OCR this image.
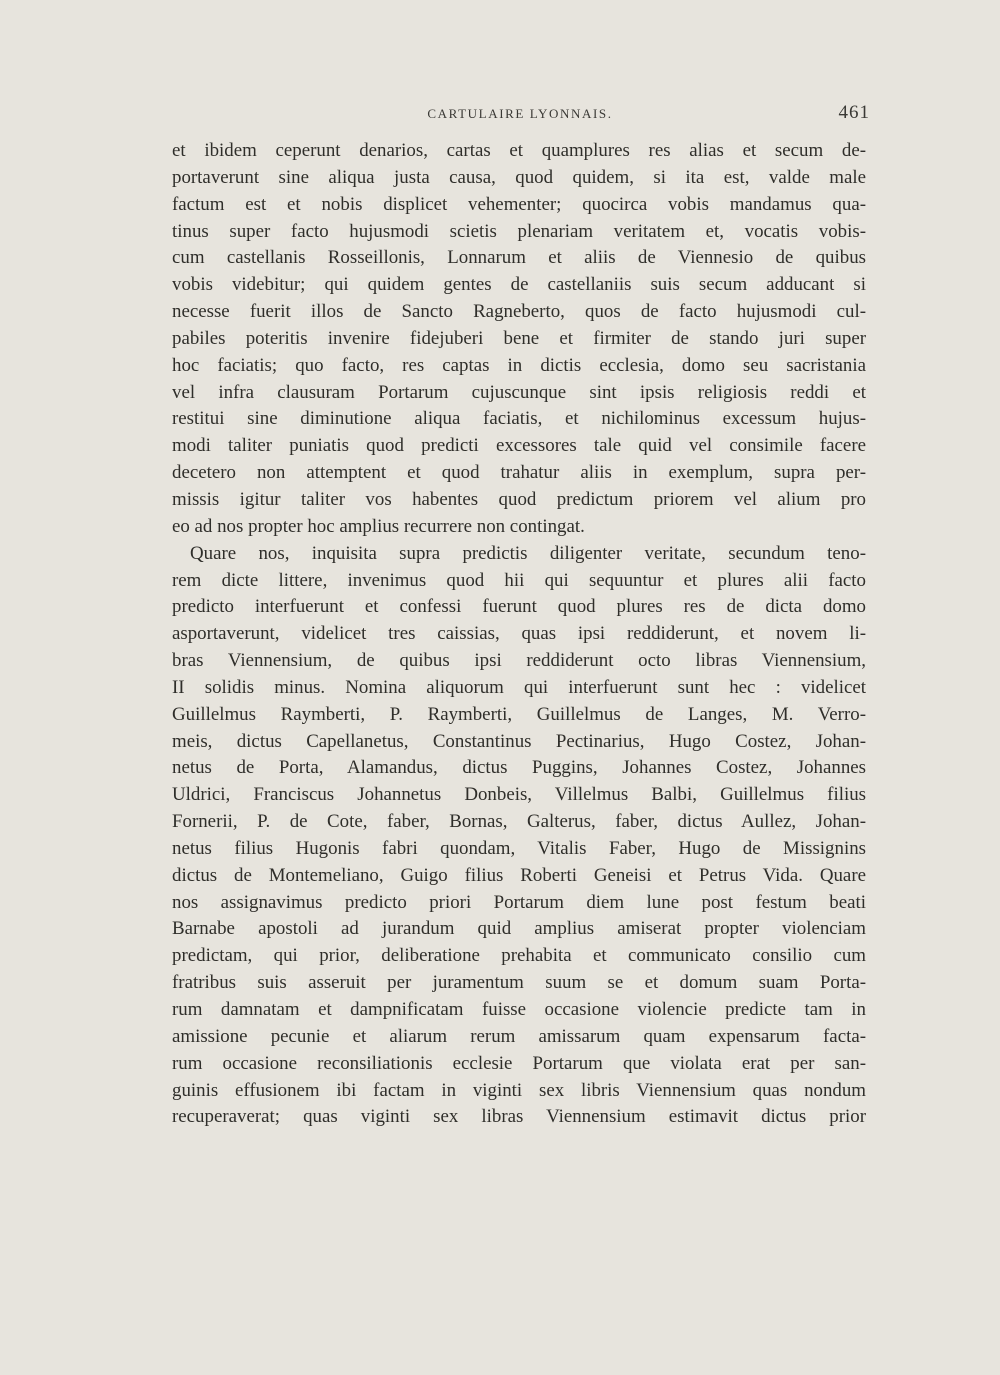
CARTULAIRE LYONNAIS.	461
et ibidem ceperunt denarios, cartas et quamplures res alias et secum de-
portaverunt sine aliqua justa causa, quod quidem, si ita est, valde male
factum est et nobis displicet vehementer; quocirca vobis mandamus qua-
tinus super facto hujusmodi scietis plenariam veritatem et, vocatis vobis-
cum castellanis Rosseillonis, Lonnarum et aliis de Viennesio de quibus
vobis videbitur; qui quidem gentes de castellaniis suis secum adducant si
necesse fuerit illos de Sancto Ragneberto, quos de facto hujusmodi cul-
pabiles poteritis invenire fidejuberi bene et firmiter de stando juri super
hoc faciatis; quo facto, res captas in dictis ecclesia, domo seu sacristania
vel infra clausuram Portarum cujuscunque sint ipsis religiosis reddi et
restitui sine diminutione aliqua faciatis, et nichilominus excessum hujus-
modi taliter puniatis quod predicti excessores tale quid vel consimile facere
decetero non attemptent et quod trahatur aliis in exemplum, supra per-
missis igitur taliter vos habentes quod predictum priorem vel alium pro
eo ad nos propter hoc amplius recurrere non contingat.
Quare nos, inquisita supra predictis diligenter veritate, secundum teno-
rem dicte littere, invenimus quod hii qui sequuntur et plures alii facto
predicto interfuerunt et confessi fuerunt quod plures res de dicta domo
asportaverunt, videlicet tres caissias, quas ipsi reddiderunt, et novem li-
bras Viennensium, de quibus ipsi reddiderunt octo libras Viennensium,
II solidis minus. Nomina aliquorum qui interfuerunt sunt hec : videlicet
Guillelmus Raymberti, P. Raymberti, Guillelmus de Langes, M. Verro-
meis, dictus Capellanetus, Constantinus Pectinarius, Hugo Costez, Johan-
netus de Porta, Alamandus, dictus Puggins, Johannes Costez, Johannes
Uldrici, Franciscus Johannetus Donbeis, Villelmus Balbi, Guillelmus filius
Fornerii, P. de Cote, faber, Bornas, Galterus, faber, dictus Aullez, Johan-
netus filius Hugonis fabri quondam, Vitalis Faber, Hugo de Missignins
dictus de Montemeliano, Guigo filius Roberti Geneisi et Petrus Vida. Quare
nos assignavimus predicto priori Portarum diem lune post festum beati
Barnabe apostoli ad jurandum quid amplius amiserat propter violenciam
predictam, qui prior, deliberatione prehabita et communicato consilio cum
fratribus suis asseruit per juramentum suum se et domum suam Porta-
rum damnatam et dampnificatam fuisse occasione violencie predicte tam in
amissione pecunie et aliarum rerum amissarum quam expensarum facta-
rum occasione reconsiliationis ecclesie Portarum que violata erat per san-
guinis effusionem ibi factam in viginti sex libris Viennensium quas nondum
recuperaverat; quas viginti sex libras Viennensium estimavit dictus prior
